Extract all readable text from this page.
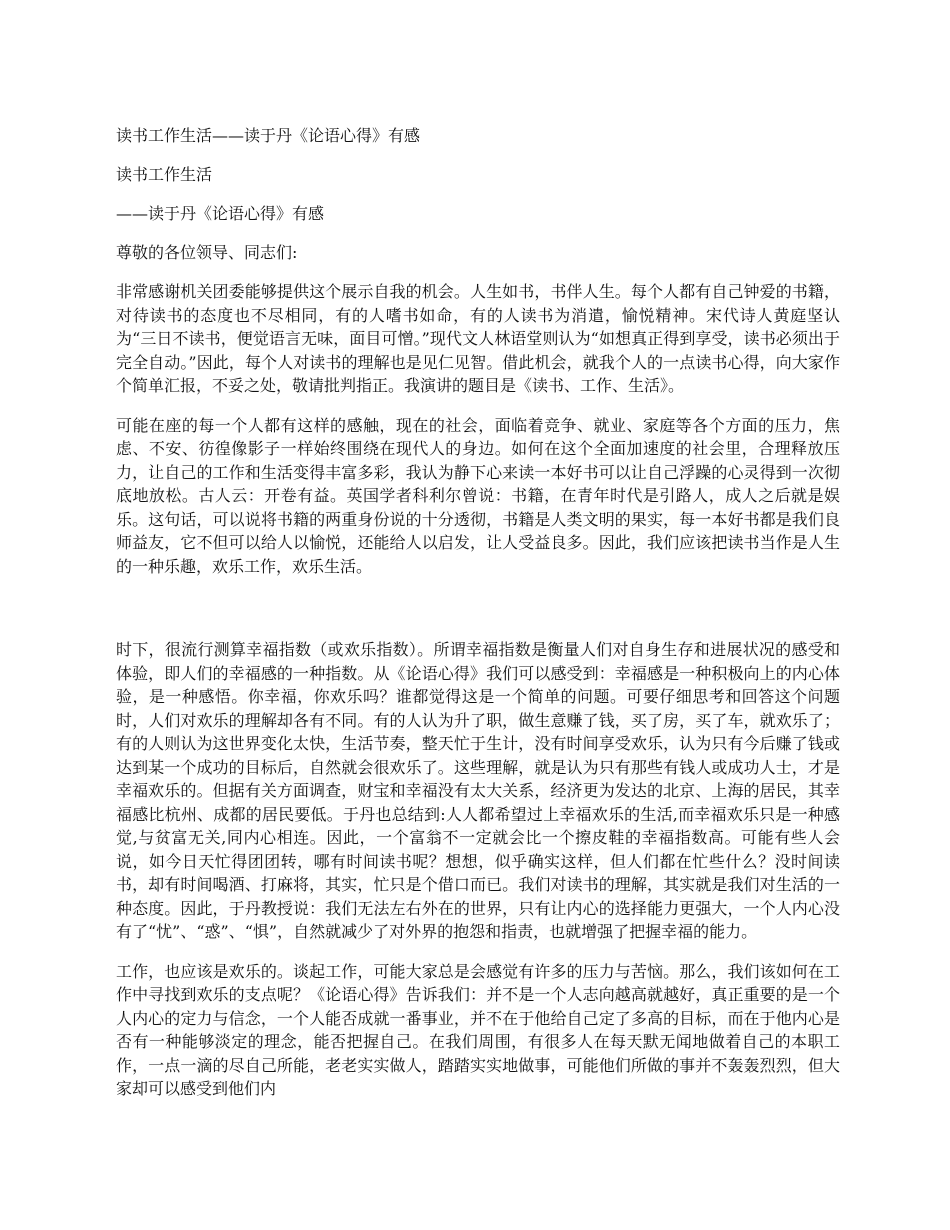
读书工作生活——读于丹《论语心得》有感
读书工作生活
——读于丹《论语心得》有感
尊敬的各位领导、同志们:

非常感谢机关团委能够提供这个展示自我的机会。人生如书，书伴人生。每个人都有自己钟爱的书籍，对待读书的态度也不尽相同，有的人嗜书如命，有的人读书为消遣，愉悦精神。宋代诗人黄庭坚认为“三日不读书，便觉语言无味，面目可憎。”现代文人林语堂则认为“如想真正得到享受，读书必须出于完全自动。”因此，每个人对读书的理解也是见仁见智。借此机会，就我个人的一点读书心得，向大家作个简单汇报，不妥之处，敬请批判指正。我演讲的题目是《读书、工作、生活》。

可能在座的每一个人都有这样的感触，现在的社会，面临着竞争、就业、家庭等各个方面的压力，焦虑、不安、彷徨像影子一样始终围绕在现代人的身边。如何在这个全面加速度的社会里，合理释放压力，让自己的工作和生活变得丰富多彩，我认为静下心来读一本好书可以让自己浮躁的心灵得到一次彻底地放松。古人云：开卷有益。英国学者科利尔曾说：书籍，在青年时代是引路人，成人之后就是娱乐。这句话，可以说将书籍的两重身份说的十分透彻，书籍是人类文明的果实，每一本好书都是我们良师益友，它不但可以给人以愉悦，还能给人以启发，让人受益良多。因此，我们应该把读书当作是人生的一种乐趣，欢乐工作，欢乐生活。

时下，很流行测算幸福指数（或欢乐指数）。所谓幸福指数是衡量人们对自身生存和进展状况的感受和体验，即人们的幸福感的一种指数。从《论语心得》我们可以感受到：幸福感是一种积极向上的内心体验，是一种感悟。你幸福，你欢乐吗？谁都觉得这是一个简单的问题。可要仔细思考和回答这个问题时，人们对欢乐的理解却各有不同。有的人认为升了职，做生意赚了钱，买了房，买了车，就欢乐了；有的人则认为这世界变化太快，生活节奏，整天忙于生计，没有时间享受欢乐，认为只有今后赚了钱或达到某一个成功的目标后，自然就会很欢乐了。这些理解，就是认为只有那些有钱人或成功人士，才是幸福欢乐的。但据有关方面调查，财宝和幸福没有太大关系，经济更为发达的北京、上海的居民，其幸福感比杭州、成都的居民要低。于丹也总结到:人人都希望过上幸福欢乐的生活,而幸福欢乐只是一种感觉,与贫富无关,同内心相连。因此，一个富翁不一定就会比一个擦皮鞋的幸福指数高。可能有些人会说，如今日天忙得团团转，哪有时间读书呢？想想，似乎确实这样，但人们都在忙些什么？没时间读书，却有时间喝酒、打麻将，其实，忙只是个借口而已。我们对读书的理解，其实就是我们对生活的一种态度。因此，于丹教授说：我们无法左右外在的世界，只有让内心的选择能力更强大，一个人内心没有了“忧”、“惑”、“惧”，自然就减少了对外界的抱怨和指责，也就增强了把握幸福的能力。

工作，也应该是欢乐的。谈起工作，可能大家总是会感觉有许多的压力与苦恼。那么，我们该如何在工作中寻找到欢乐的支点呢？《论语心得》告诉我们：并不是一个人志向越高就越好，真正重要的是一个人内心的定力与信念，一个人能否成就一番事业，并不在于他给自己定了多高的目标，而在于他内心是否有一种能够淡定的理念，能否把握自己。在我们周围，有很多人在每天默无闻地做着自己的本职工作，一点一滴的尽自己所能，老老实实做人，踏踏实实地做事，可能他们所做的事并不轰轰烈烈，但大家却可以感受到他们内
